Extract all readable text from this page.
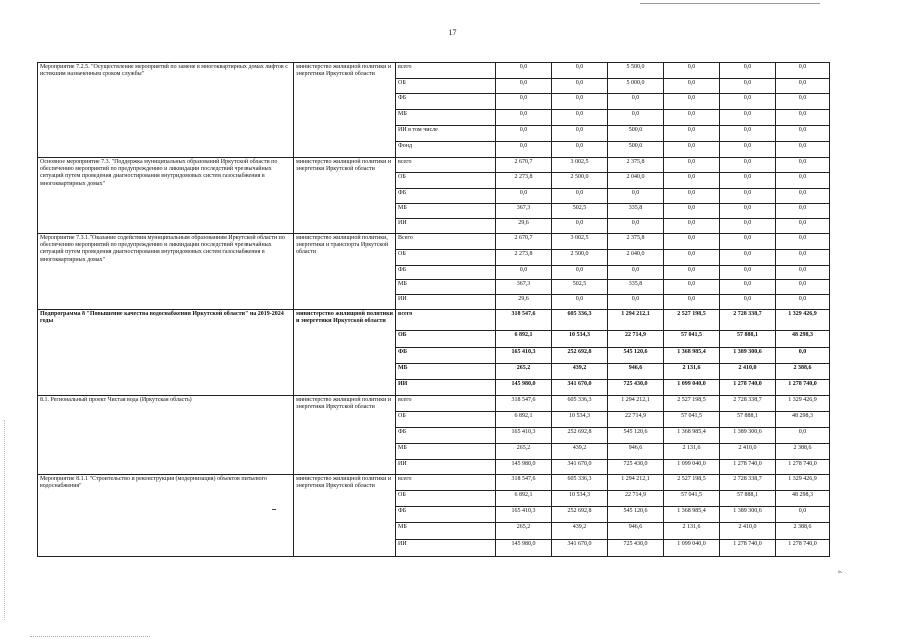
17
Мероприятие 7.2.5. "Осуществление мероприятий по замене в многоквартирных домах лифтов с истекшим назначенным сроком службы"	министерство жилищной политики и энергетики Иркутской области	всего	0,0	0,0	5 500,0	0,0	0,0	0,0
		ОБ	0,0	0,0	5 000,0	0,0	0,0	0,0
		ФБ	0,0	0,0	0,0	0,0	0,0	0,0
		МБ	0,0	0,0	0,0	0,0	0,0	0,0
		ИИ в том числе	0,0	0,0	500,0	0,0	0,0	0,0
		Фонд	0,0	0,0	500,0	0,0	0,0	0,0
Основное мероприятие 7.3. "Поддержка муниципальных образований Иркутской области по обеспечению мероприятий по предупреждению и ликвидации последствий чрезвычайных ситуаций путем проведения диагностирования внутридомовых систем газоснабжения в многоквартирных домах"	министерство жилищной политики и энергетики Иркутской области	всего	2 670,7	3 002,5	2 375,8	0,0	0,0	0,0
		ОБ	2 273,8	2 500,0	2 040,0	0,0	0,0	0,0
		ФБ	0,0	0,0	0,0	0,0	0,0	0,0
		МБ	367,3	502,5	335,8	0,0	0,0	0,0
		ИИ	29,6	0,0	0,0	0,0	0,0	0,0
Мероприятие 7.3.1."Оказание содействия муниципальным образованиям Иркутской области по обеспечению мероприятий по предупреждению и ликвидации последствий чрезвычайных ситуаций путем проведения диагностирования внутридомовых систем газоснабжения в многоквартирных домах"	министерство жилищной политики, энергетики и транспорта Иркутской области	Всего	2 670,7	3 002,5	2 375,8	0,0	0,0	0,0
		ОБ	2 273,8	2 500,0	2 040,0	0,0	0,0	0,0
		ФБ	0,0	0,0	0,0	0,0	0,0	0,0
		МБ	367,3	502,5	335,8	0,0	0,0	0,0
		ИИ	29,6	0,0	0,0	0,0	0,0	0,0
Подпрограмма 8 "Повышение качества водоснабжения Иркутской области" на 2019-2024 годы	министерство жилищной политики и энергетики Иркутской области	всего	318 547,6	605 336,3	1 294 212,1	2 527 198,5	2 728 338,7	1 329 426,9
		ОБ	6 892,1	10 534,3	22 714,9	57 041,5	57 888,1	48 298,3
		ФБ	165 410,3	252 692,8	545 120,6	1 368 985,4	1 389 300,6	0,0
		МБ	265,2	439,2	946,6	2 131,6	2 410,0	2 388,6
		ИИ	145 980,0	341 670,0	725 430,0	1 099 040,0	1 278 740,0	1 278 740,0
8.1. Региональный проект Чистая вода (Иркутская область)	министерство жилищной политики и энергетики Иркутской области	всего	318 547,6	605 336,3	1 294 212,1	2 527 198,5	2 728 338,7	1 329 426,9
		ОБ	6 892,1	10 534,3	22 714,9	57 041,5	57 888,1	48 298,3
		ФБ	165 410,3	252 692,8	545 120,6	1 368 985,4	1 389 300,6	0,0
		МБ	265,2	439,2	946,6	2 131,6	2 410,0	2 388,6
		ИИ	145 980,0	341 670,0	725 430,0	1 099 040,0	1 278 740,0	1 278 740,0
Мероприятие 8.1.1 "Строительство и реконструкция (модернизация) объектов питьевого водоснабжения"	министерство жилищной политики и энергетики Иркутской области	всего	318 547,6	605 336,3	1 294 212,1	2 527 198,5	2 728 338,7	1 329 426,9
		ОБ	6 892,1	10 534,3	22 714,9	57 041,5	57 888,1	48 298,3
		ФБ	165 410,3	252 692,8	545 120,6	1 368 985,4	1 389 300,6	0,0
		МБ	265,2	439,2	946,6	2 131,6	2 410,0	2 388,6
		ИИ	145 980,0	341 670,0	725 430,0	1 099 040,0	1 278 740,0	1 278 740,0
».
